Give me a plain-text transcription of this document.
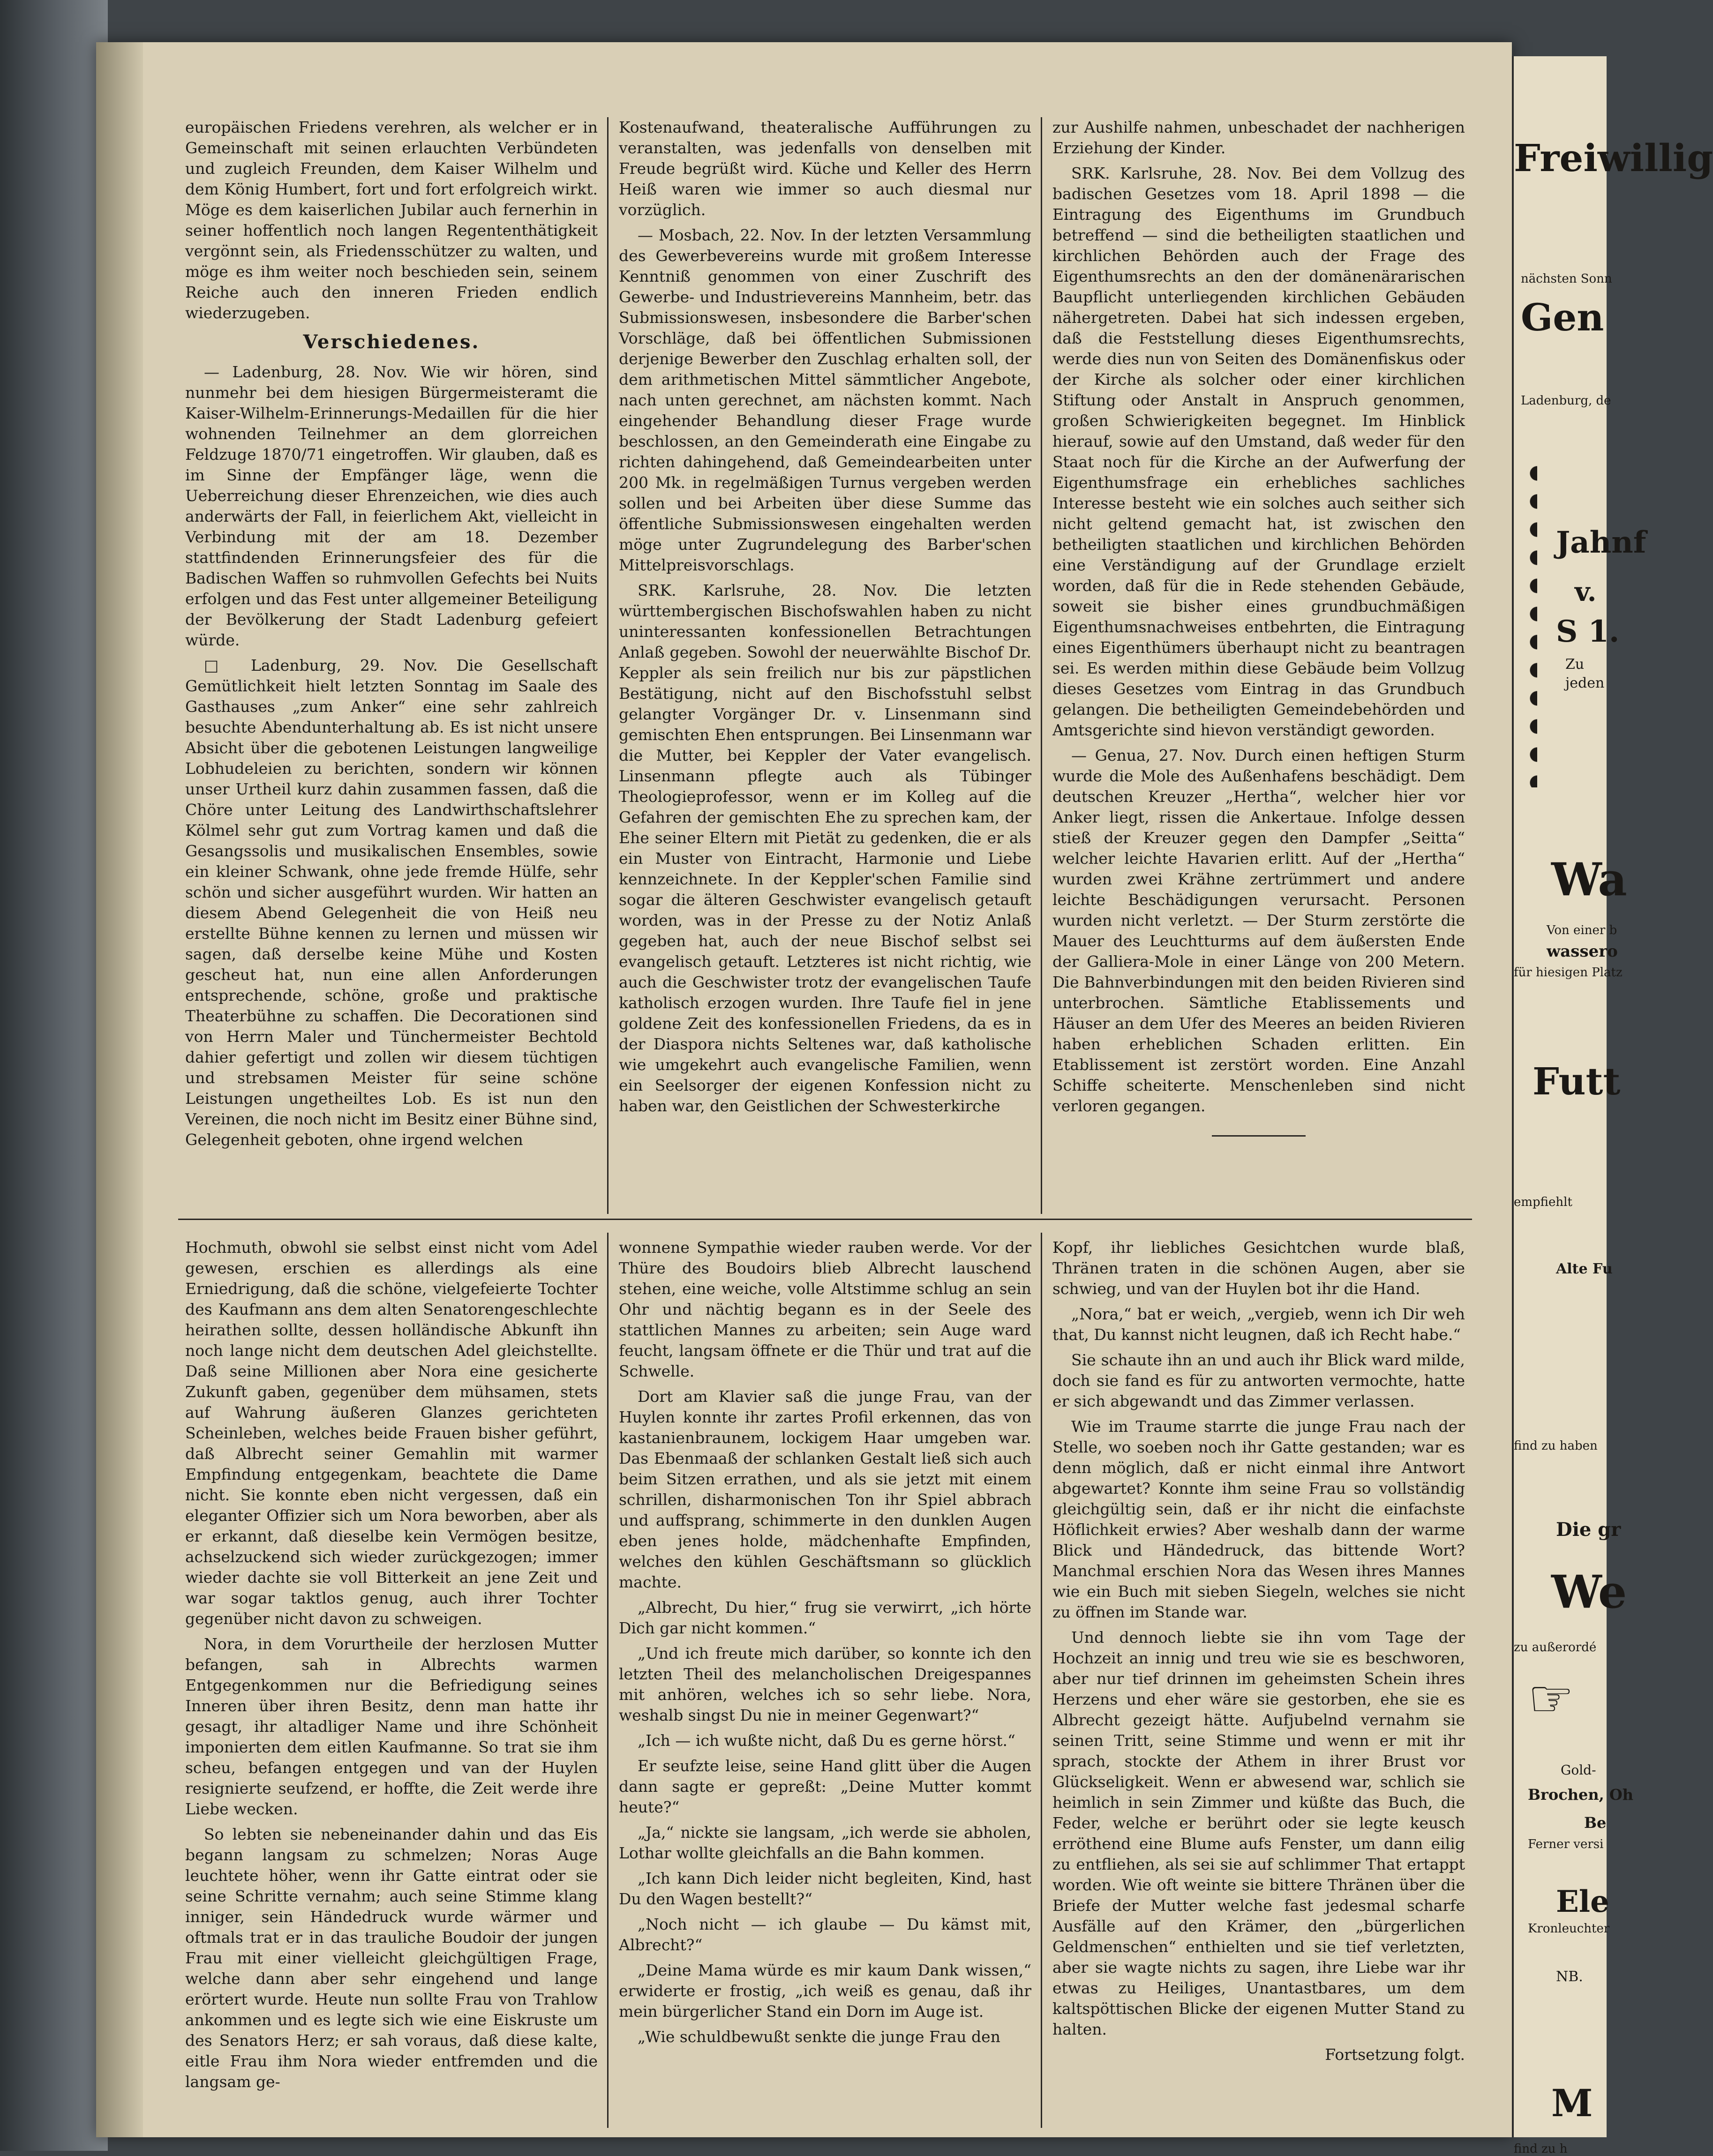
europäischen Friedens verehren, als welcher er in Gemeinschaft mit seinen erlauchten Verbündeten und zugleich Freunden, dem Kaiser Wilhelm und dem König Humbert, fort und fort erfolgreich wirkt. Möge es dem kaiserlichen Jubilar auch fernerhin in seiner hoffentlich noch langen Regententhätigkeit vergönnt sein, als Friedensschützer zu walten, und möge es ihm weiter noch beschieden sein, seinem Reiche auch den inneren Frieden endlich wiederzugeben.

Verschiedenes.

— Ladenburg, 28. Nov. Wie wir hören, sind nunmehr bei dem hiesigen Bürgermeisteramt die Kaiser-Wilhelm-Erinnerungs-Medaillen für die hier wohnenden Teilnehmer an dem glorreichen Feldzuge 1870/71 eingetroffen. Wir glauben, daß es im Sinne der Empfänger läge, wenn die Ueberreichung dieser Ehrenzeichen, wie dies auch anderwärts der Fall, in feierlichem Akt, vielleicht in Verbindung mit der am 18. Dezember stattfindenden Erinnerungsfeier des für die Badischen Waffen so ruhmvollen Gefechts bei Nuits erfolgen und das Fest unter allgemeiner Beteiligung der Bevölkerung der Stadt Ladenburg gefeiert würde.

□ Ladenburg, 29. Nov. Die Gesellschaft Gemütlichkeit hielt letzten Sonntag im Saale des Gasthauses „zum Anker“ eine sehr zahlreich besuchte Abendunterhaltung ab. Es ist nicht unsere Absicht über die gebotenen Leistungen langweilige Lobhudeleien zu berichten, sondern wir können unser Urtheil kurz dahin zusammen fassen, daß die Chöre unter Leitung des Landwirthschaftslehrer Kölmel sehr gut zum Vortrag kamen und daß die Gesangssolis und musikalischen Ensembles, sowie ein kleiner Schwank, ohne jede fremde Hülfe, sehr schön und sicher ausgeführt wurden. Wir hatten an diesem Abend Gelegenheit die von Heiß neu erstellte Bühne kennen zu lernen und müssen wir sagen, daß derselbe keine Mühe und Kosten gescheut hat, nun eine allen Anforderungen entsprechende, schöne, große und praktische Theaterbühne zu schaffen. Die Decorationen sind von Herrn Maler und Tünchermeister Bechtold dahier gefertigt und zollen wir diesem tüchtigen und strebsamen Meister für seine schöne Leistungen ungetheiltes Lob. Es ist nun den Vereinen, die noch nicht im Besitz einer Bühne sind, Gelegenheit geboten, ohne irgend welchen

Kostenaufwand, theateralische Aufführungen zu veranstalten, was jedenfalls von denselben mit Freude begrüßt wird. Küche und Keller des Herrn Heiß waren wie immer so auch diesmal nur vorzüglich.

— Mosbach, 22. Nov. In der letzten Versammlung des Gewerbevereins wurde mit großem Interesse Kenntniß genommen von einer Zuschrift des Gewerbe- und Industrievereins Mannheim, betr. das Submissionswesen, insbesondere die Barber'schen Vorschläge, daß bei öffentlichen Submissionen derjenige Bewerber den Zuschlag erhalten soll, der dem arithmetischen Mittel sämmtlicher Angebote, nach unten gerechnet, am nächsten kommt. Nach eingehender Behandlung dieser Frage wurde beschlossen, an den Gemeinderath eine Eingabe zu richten dahingehend, daß Gemeindearbeiten unter 200 Mk. in regelmäßigen Turnus vergeben werden sollen und bei Arbeiten über diese Summe das öffentliche Submissionswesen eingehalten werden möge unter Zugrundelegung des Barber'schen Mittelpreisvorschlags.

SRK. Karlsruhe, 28. Nov. Die letzten württembergischen Bischofswahlen haben zu nicht uninteressanten konfessionellen Betrachtungen Anlaß gegeben. Sowohl der neuerwählte Bischof Dr. Keppler als sein freilich nur bis zur päpstlichen Bestätigung, nicht auf den Bischofsstuhl selbst gelangter Vorgänger Dr. v. Linsenmann sind gemischten Ehen entsprungen. Bei Linsenmann war die Mutter, bei Keppler der Vater evangelisch. Linsenmann pflegte auch als Tübinger Theologieprofessor, wenn er im Kolleg auf die Gefahren der gemischten Ehe zu sprechen kam, der Ehe seiner Eltern mit Pietät zu gedenken, die er als ein Muster von Eintracht, Harmonie und Liebe kennzeichnete. In der Keppler'schen Familie sind sogar die älteren Geschwister evangelisch getauft worden, was in der Presse zu der Notiz Anlaß gegeben hat, auch der neue Bischof selbst sei evangelisch getauft. Letzteres ist nicht richtig, wie auch die Geschwister trotz der evangelischen Taufe katholisch erzogen wurden. Ihre Taufe fiel in jene goldene Zeit des konfessionellen Friedens, da es in der Diaspora nichts Seltenes war, daß katholische wie umgekehrt auch evangelische Familien, wenn ein Seelsorger der eigenen Konfession nicht zu haben war, den Geistlichen der Schwesterkirche

zur Aushilfe nahmen, unbeschadet der nachherigen Erziehung der Kinder.

SRK. Karlsruhe, 28. Nov. Bei dem Vollzug des badischen Gesetzes vom 18. April 1898 — die Eintragung des Eigenthums im Grundbuch betreffend — sind die betheiligten staatlichen und kirchlichen Behörden auch der Frage des Eigenthumsrechts an den der domänenärarischen Baupflicht unterliegenden kirchlichen Gebäuden nähergetreten. Dabei hat sich indessen ergeben, daß die Feststellung dieses Eigenthumsrechts, werde dies nun von Seiten des Domänenfiskus oder der Kirche als solcher oder einer kirchlichen Stiftung oder Anstalt in Anspruch genommen, großen Schwierigkeiten begegnet. Im Hinblick hierauf, sowie auf den Umstand, daß weder für den Staat noch für die Kirche an der Aufwerfung der Eigenthumsfrage ein erhebliches sachliches Interesse besteht wie ein solches auch seither sich nicht geltend gemacht hat, ist zwischen den betheiligten staatlichen und kirchlichen Behörden eine Verständigung auf der Grundlage erzielt worden, daß für die in Rede stehenden Gebäude, soweit sie bisher eines grundbuchmäßigen Eigenthumsnachweises entbehrten, die Eintragung eines Eigenthümers überhaupt nicht zu beantragen sei. Es werden mithin diese Gebäude beim Vollzug dieses Gesetzes vom Eintrag in das Grundbuch gelangen. Die betheiligten Gemeindebehörden und Amtsgerichte sind hievon verständigt geworden.

— Genua, 27. Nov. Durch einen heftigen Sturm wurde die Mole des Außenhafens beschädigt. Dem deutschen Kreuzer „Hertha“, welcher hier vor Anker liegt, rissen die Ankertaue. Infolge dessen stieß der Kreuzer gegen den Dampfer „Seitta“ welcher leichte Havarien erlitt. Auf der „Hertha“ wurden zwei Krähne zertrümmert und andere leichte Beschädigungen verursacht. Personen wurden nicht verletzt. — Der Sturm zerstörte die Mauer des Leuchtturms auf dem äußersten Ende der Galliera-Mole in einer Länge von 200 Metern. Die Bahnverbindungen mit den beiden Rivieren sind unterbrochen. Sämtliche Etablissements und Häuser an dem Ufer des Meeres an beiden Rivieren haben erheblichen Schaden erlitten. Ein Etablissement ist zerstört worden. Eine Anzahl Schiffe scheiterte. Menschenleben sind nicht verloren gegangen.

Hochmuth, obwohl sie selbst einst nicht vom Adel gewesen, erschien es allerdings als eine Erniedrigung, daß die schöne, vielgefeierte Tochter des Kaufmann ans dem alten Senatorengeschlechte heirathen sollte, dessen holländische Abkunft ihn noch lange nicht dem deutschen Adel gleichstellte. Daß seine Millionen aber Nora eine gesicherte Zukunft gaben, gegenüber dem mühsamen, stets auf Wahrung äußeren Glanzes gerichteten Scheinleben, welches beide Frauen bisher geführt, daß Albrecht seiner Gemahlin mit warmer Empfindung entgegenkam, beachtete die Dame nicht. Sie konnte eben nicht vergessen, daß ein eleganter Offizier sich um Nora beworben, aber als er erkannt, daß dieselbe kein Vermögen besitze, achselzuckend sich wieder zurückgezogen; immer wieder dachte sie voll Bitterkeit an jene Zeit und war sogar taktlos genug, auch ihrer Tochter gegenüber nicht davon zu schweigen.

Nora, in dem Vorurtheile der herzlosen Mutter befangen, sah in Albrechts warmen Entgegenkommen nur die Befriedigung seines Inneren über ihren Besitz, denn man hatte ihr gesagt, ihr altadliger Name und ihre Schönheit imponierten dem eitlen Kaufmanne. So trat sie ihm scheu, befangen entgegen und van der Huylen resignierte seufzend, er hoffte, die Zeit werde ihre Liebe wecken.

So lebten sie nebeneinander dahin und das Eis begann langsam zu schmelzen; Noras Auge leuchtete höher, wenn ihr Gatte eintrat oder sie seine Schritte vernahm; auch seine Stimme klang inniger, sein Händedruck wurde wärmer und oftmals trat er in das trauliche Boudoir der jungen Frau mit einer vielleicht gleichgültigen Frage, welche dann aber sehr eingehend und lange erörtert wurde. Heute nun sollte Frau von Trahlow ankommen und es legte sich wie eine Eiskruste um des Senators Herz; er sah voraus, daß diese kalte, eitle Frau ihm Nora wieder entfremden und die langsam ge-

wonnene Sympathie wieder rauben werde. Vor der Thüre des Boudoirs blieb Albrecht lauschend stehen, eine weiche, volle Altstimme schlug an sein Ohr und nächtig begann es in der Seele des stattlichen Mannes zu arbeiten; sein Auge ward feucht, langsam öffnete er die Thür und trat auf die Schwelle.

Dort am Klavier saß die junge Frau, van der Huylen konnte ihr zartes Profil erkennen, das von kastanienbraunem, lockigem Haar umgeben war. Das Ebenmaaß der schlanken Gestalt ließ sich auch beim Sitzen errathen, und als sie jetzt mit einem schrillen, disharmonischen Ton ihr Spiel abbrach und auffsprang, schimmerte in den dunklen Augen eben jenes holde, mädchenhafte Empfinden, welches den kühlen Geschäftsmann so glücklich machte.

„Albrecht, Du hier,“ frug sie verwirrt, „ich hörte Dich gar nicht kommen.“

„Und ich freute mich darüber, so konnte ich den letzten Theil des melancholischen Dreigespannes mit anhören, welches ich so sehr liebe. Nora, weshalb singst Du nie in meiner Gegenwart?“

„Ich — ich wußte nicht, daß Du es gerne hörst.“

Er seufzte leise, seine Hand glitt über die Augen dann sagte er gepreßt: „Deine Mutter kommt heute?“

„Ja,“ nickte sie langsam, „ich werde sie abholen, Lothar wollte gleichfalls an die Bahn kommen.

„Ich kann Dich leider nicht begleiten, Kind, hast Du den Wagen bestellt?“

„Noch nicht — ich glaube — Du kämst mit, Albrecht?“

„Deine Mama würde es mir kaum Dank wissen,“ erwiderte er frostig, „ich weiß es genau, daß ihr mein bürgerlicher Stand ein Dorn im Auge ist.

„Wie schuldbewußt senkte die junge Frau den

Kopf, ihr liebliches Gesichtchen wurde blaß, Thränen traten in die schönen Augen, aber sie schwieg, und van der Huylen bot ihr die Hand.

„Nora,“ bat er weich, „vergieb, wenn ich Dir weh that, Du kannst nicht leugnen, daß ich Recht habe.“

Sie schaute ihn an und auch ihr Blick ward milde, doch sie fand es für zu antworten vermochte, hatte er sich abgewandt und das Zimmer verlassen.

Wie im Traume starrte die junge Frau nach der Stelle, wo soeben noch ihr Gatte gestanden; war es denn möglich, daß er nicht einmal ihre Antwort abgewartet? Konnte ihm seine Frau so vollständig gleichgültig sein, daß er ihr nicht die einfachste Höflichkeit erwies? Aber weshalb dann der warme Blick und Händedruck, das bittende Wort? Manchmal erschien Nora das Wesen ihres Mannes wie ein Buch mit sieben Siegeln, welches sie nicht zu öffnen im Stande war.

Und dennoch liebte sie ihn vom Tage der Hochzeit an innig und treu wie sie es beschworen, aber nur tief drinnen im geheimsten Schein ihres Herzens und eher wäre sie gestorben, ehe sie es Albrecht gezeigt hätte. Aufjubelnd vernahm sie seinen Tritt, seine Stimme und wenn er mit ihr sprach, stockte der Athem in ihrer Brust vor Glückseligkeit. Wenn er abwesend war, schlich sie heimlich in sein Zimmer und küßte das Buch, die Feder, welche er berührt oder sie legte keusch erröthend eine Blume aufs Fenster, um dann eilig zu entfliehen, als sei sie auf schlimmer That ertappt worden. Wie oft weinte sie bittere Thränen über die Briefe der Mutter welche fast jedesmal scharfe Ausfälle auf den Krämer, den „bürgerlichen Geldmenschen“ enthielten und sie tief verletzten, aber sie wagte nichts zu sagen, ihre Liebe war ihr etwas zu Heiliges, Unantastbares, um dem kaltspöttischen Blicke der eigenen Mutter Stand zu halten.

Fortsetzung folgt.

Freiwillig
nächsten Sonn
Gen
Ladenburg, de
Jahnf
v.
S 1.
Zu
jeden
Wa
Von einer b
wassero
für hiesigen Platz
Futt
empfiehlt
Alte Fu
find zu haben
Die gr
We
zu außerordé
☞
Gold-
Brochen, Oh
Be
Ferner versi
Ele
Kronleuchter
NB.
M
find zu h
